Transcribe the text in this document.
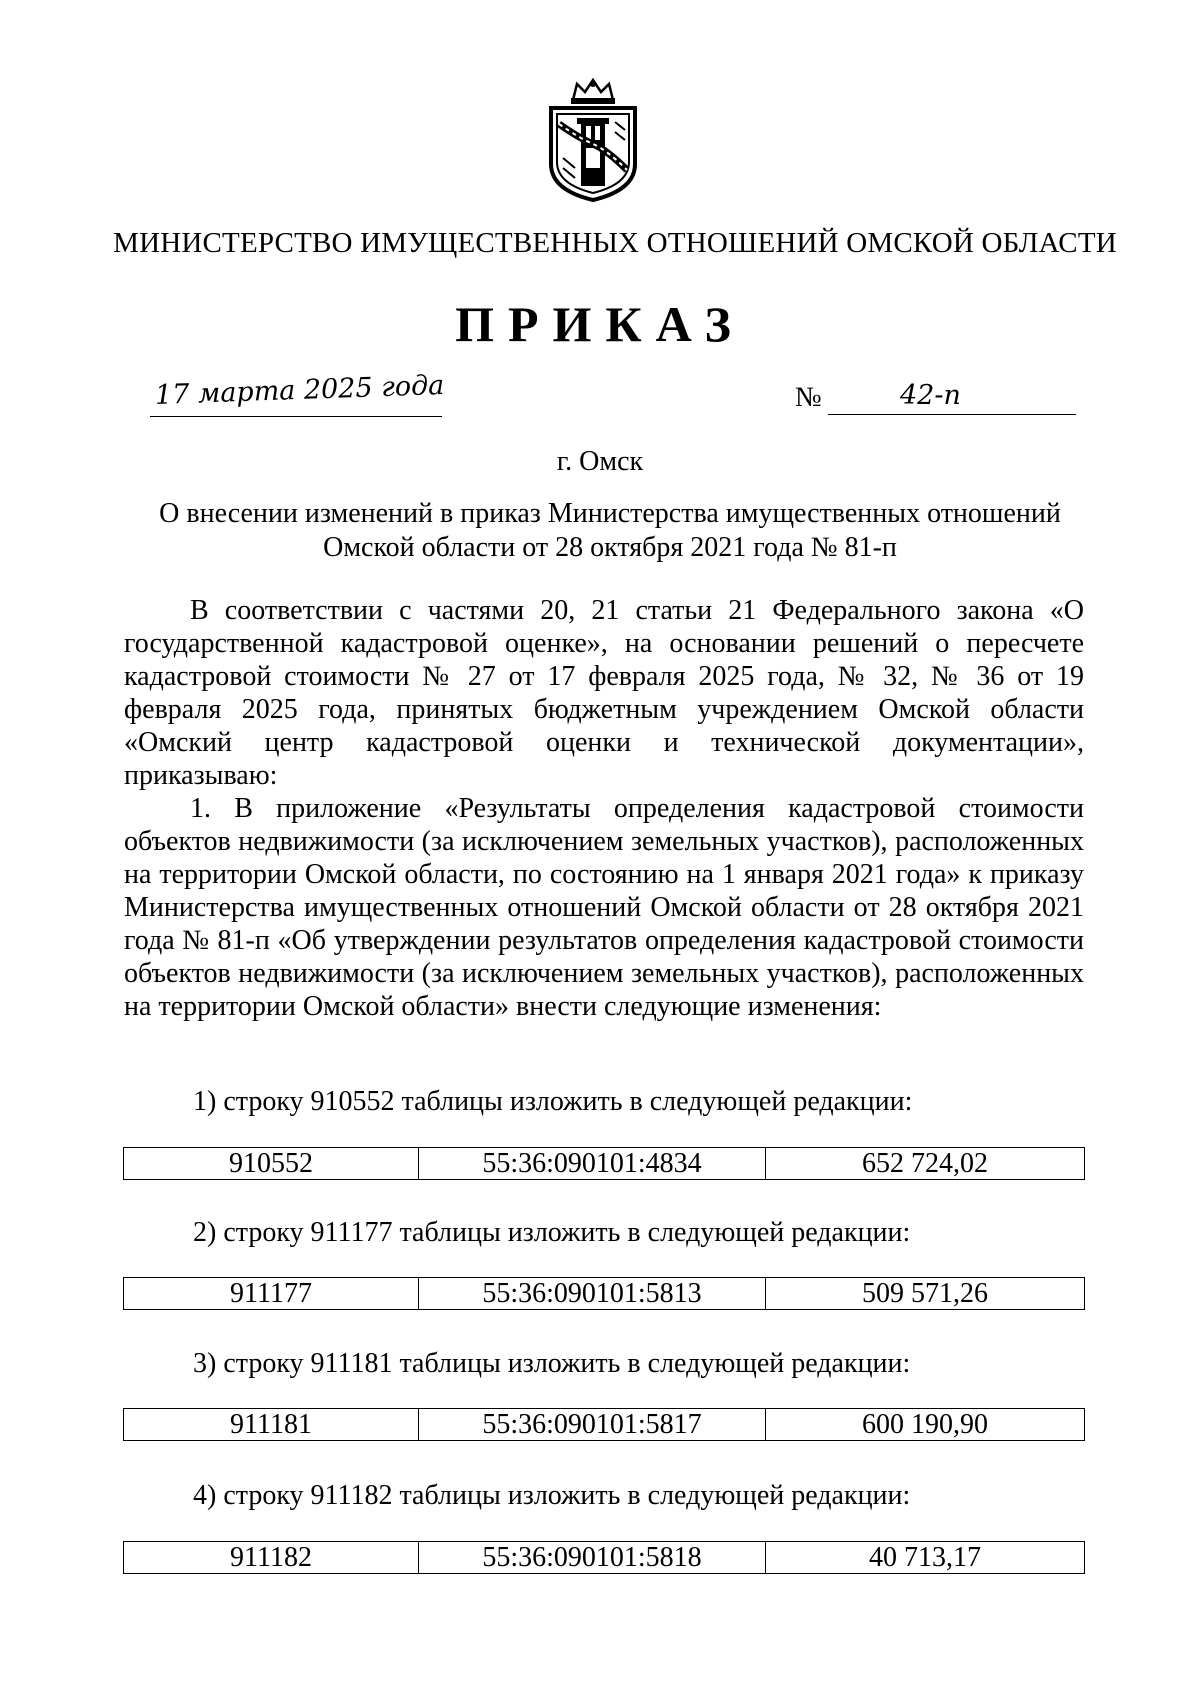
МИНИСТЕРСТВО ИМУЩЕСТВЕННЫХ ОТНОШЕНИЙ ОМСКОЙ ОБЛАСТИ
ПРИКАЗ
17 марта 2025 года	№	42-п
г. Омск
О внесении изменений в приказ Министерства имущественных отношений
Омской области от 28 октября 2021 года № 81-п

В соответствии с частями 20, 21 статьи 21 Федерального закона «О государственной кадастровой оценке», на основании решений о пересчете кадастровой стоимости № 27 от 17 февраля 2025 года, № 32, № 36 от 19 февраля 2025 года, принятых бюджетным учреждением Омской области «Омский центр кадастровой оценки и технической документации», приказываю:

1. В приложение «Результаты определения кадастровой стоимости объектов недвижимости (за исключением земельных участков), расположенных на территории Омской области, по состоянию на 1 января 2021 года» к приказу Министерства имущественных отношений Омской области от 28 октября 2021 года № 81-п «Об утверждении результатов определения кадастровой стоимости объектов недвижимости (за исключением земельных участков), расположенных на территории Омской области» внести следующие изменения:

1) строку 910552 таблицы изложить в следующей редакции:
910552	55:36:090101:4834	652 724,02
2) строку 911177 таблицы изложить в следующей редакции:
911177	55:36:090101:5813	509 571,26
3) строку 911181 таблицы изложить в следующей редакции:
911181	55:36:090101:5817	600 190,90
4) строку 911182 таблицы изложить в следующей редакции:
911182	55:36:090101:5818	40 713,17
